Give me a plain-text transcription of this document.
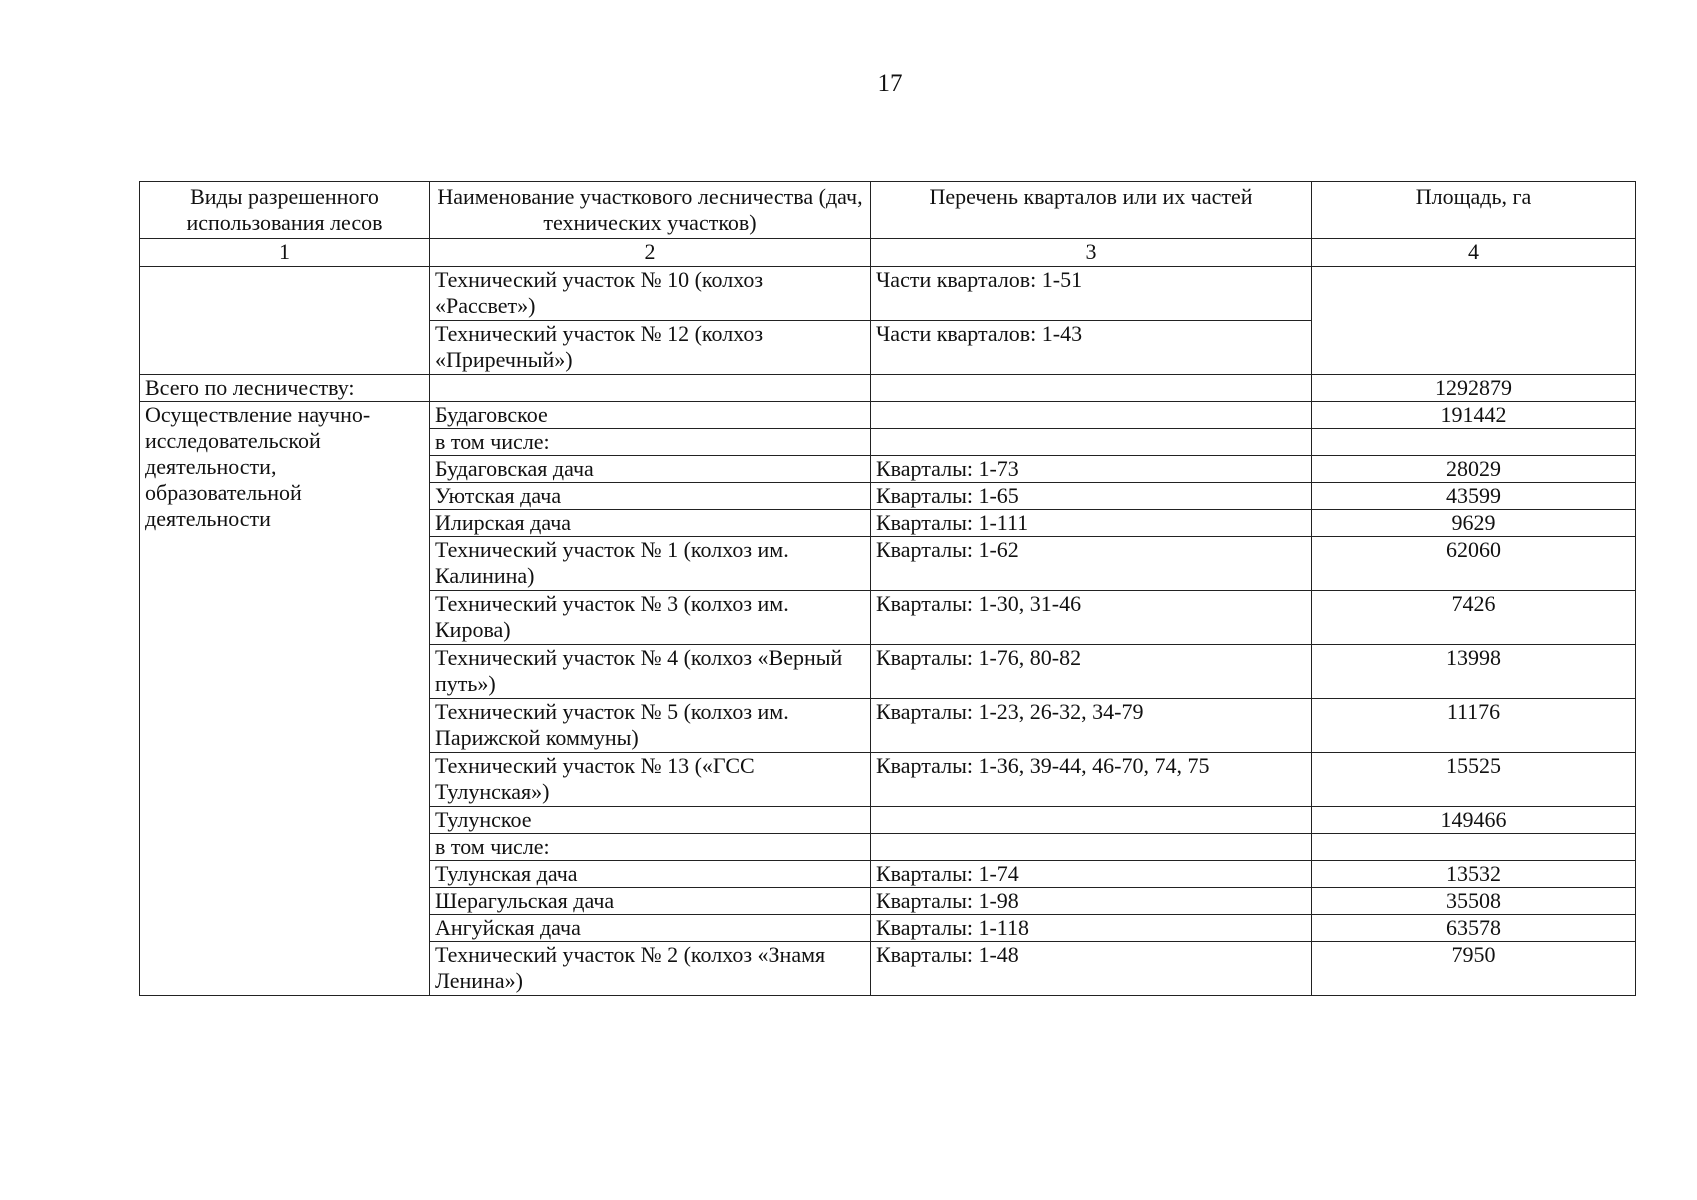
17
Виды разрешенного использования лесов	Наименование участкового лесничества (дач, технических участков)	Перечень кварталов или их частей	Площадь, га
1	2	3	4
	Технический участок № 10 (колхоз «Рассвет»)	Части кварталов: 1-51	
	Технический участок № 12 (колхоз «Приречный»)	Части кварталов: 1-43	
Всего по лесничеству:			1292879
Осуществление научно-исследовательской деятельности, образовательной деятельности	Будаговское		191442
	в том числе:		
	Будаговская дача	Кварталы: 1-73	28029
	Уютская дача	Кварталы: 1-65	43599
	Илирская дача	Кварталы: 1-111	9629
	Технический участок № 1 (колхоз им. Калинина)	Кварталы: 1-62	62060
	Технический участок № 3 (колхоз им. Кирова)	Кварталы: 1-30, 31-46	7426
	Технический участок № 4 (колхоз «Верный путь»)	Кварталы: 1-76, 80-82	13998
	Технический участок № 5 (колхоз им. Парижской коммуны)	Кварталы: 1-23, 26-32, 34-79	11176
	Технический участок № 13 («ГСС Тулунская»)	Кварталы: 1-36, 39-44, 46-70, 74, 75	15525
	Тулунское		149466
	в том числе:		
	Тулунская дача	Кварталы: 1-74	13532
	Шерагульская дача	Кварталы: 1-98	35508
	Ангуйская дача	Кварталы: 1-118	63578
	Технический участок № 2 (колхоз «Знамя Ленина»)	Кварталы: 1-48	7950
